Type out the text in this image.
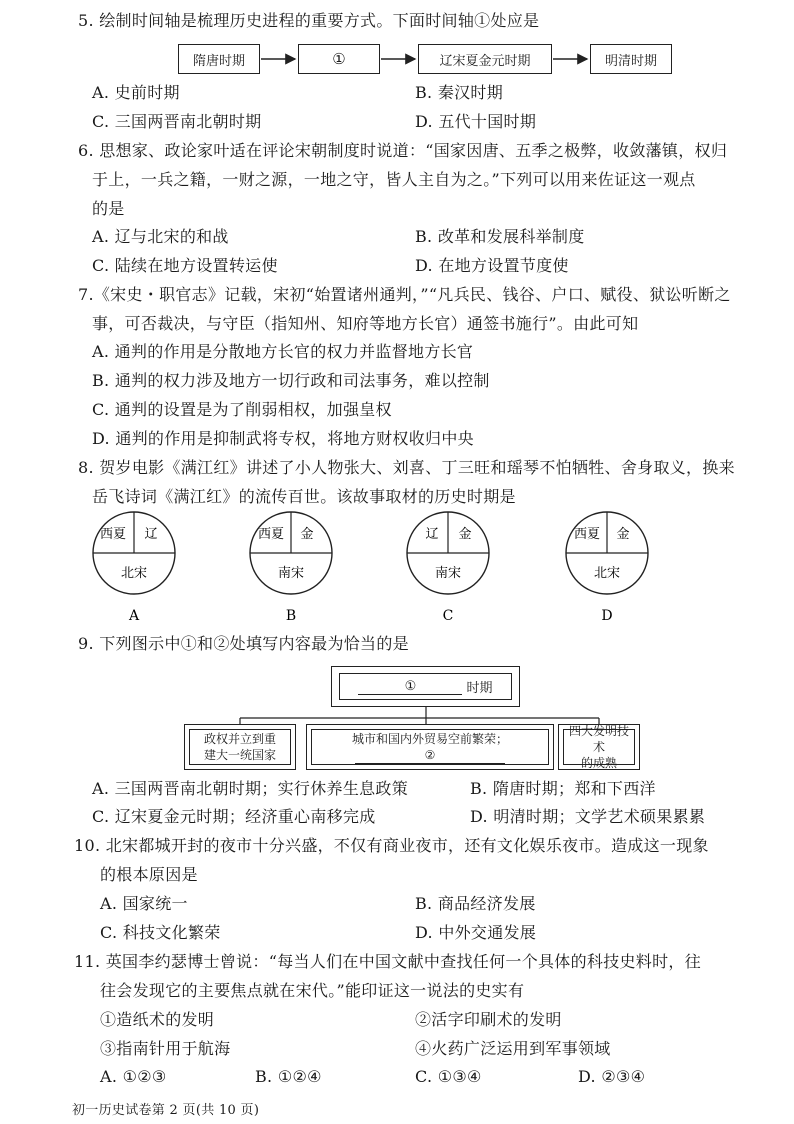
5. 绘制时间轴是梳理历史进程的重要方式。下面时间轴①处应是
隋唐时期	①	辽宋夏金元时期	明清时期
A. 史前时期	B. 秦汉时期
C. 三国两晋南北朝时期	D. 五代十国时期
6. 思想家、政论家叶适在评论宋朝制度时说道：“国家因唐、五季之极弊，收敛藩镇，权归
于上，一兵之籍，一财之源，一地之守，皆人主自为之。”下列可以用来佐证这一观点
的是
A. 辽与北宋的和战	B. 改革和发展科举制度
C. 陆续在地方设置转运使	D. 在地方设置节度使
7.《宋史・职官志》记载，宋初“始置诸州通判，”“凡兵民、钱谷、户口、赋役、狱讼听断之
事，可否裁决，与守臣（指知州、知府等地方长官）通签书施行”。由此可知
A. 通判的作用是分散地方长官的权力并监督地方长官
B. 通判的权力涉及地方一切行政和司法事务，难以控制
C. 通判的设置是为了削弱相权，加强皇权
D. 通判的作用是抑制武将专权，将地方财权收归中央
8. 贺岁电影《满江红》讲述了小人物张大、刘喜、丁三旺和瑶琴不怕牺牲、舍身取义，换来
岳飞诗词《满江红》的流传百世。该故事取材的历史时期是
西夏 辽
北宋
A
西夏 金
南宋
B
辽 金
南宋
C
西夏 金
北宋
D
9. 下列图示中①和②处填写内容最为恰当的是
①	时期
政权并立到重
建大一统国家
城市和国内外贸易空前繁荣；
②
四大发明技术
的成熟
A. 三国两晋南北朝时期；实行休养生息政策	B. 隋唐时期；郑和下西洋
C. 辽宋夏金元时期；经济重心南移完成	D. 明清时期；文学艺术硕果累累
10. 北宋都城开封的夜市十分兴盛，不仅有商业夜市，还有文化娱乐夜市。造成这一现象
的根本原因是
A. 国家统一	B. 商品经济发展
C. 科技文化繁荣	D. 中外交通发展
11. 英国李约瑟博士曾说：“每当人们在中国文献中查找任何一个具体的科技史料时，往
往会发现它的主要焦点就在宋代。”能印证这一说法的史实有
①造纸术的发明	②活字印刷术的发明
③指南针用于航海	④火药广泛运用到军事领域
A. ①②③	B. ①②④	C. ①③④	D. ②③④
初一历史试卷第 2 页(共 10 页)
